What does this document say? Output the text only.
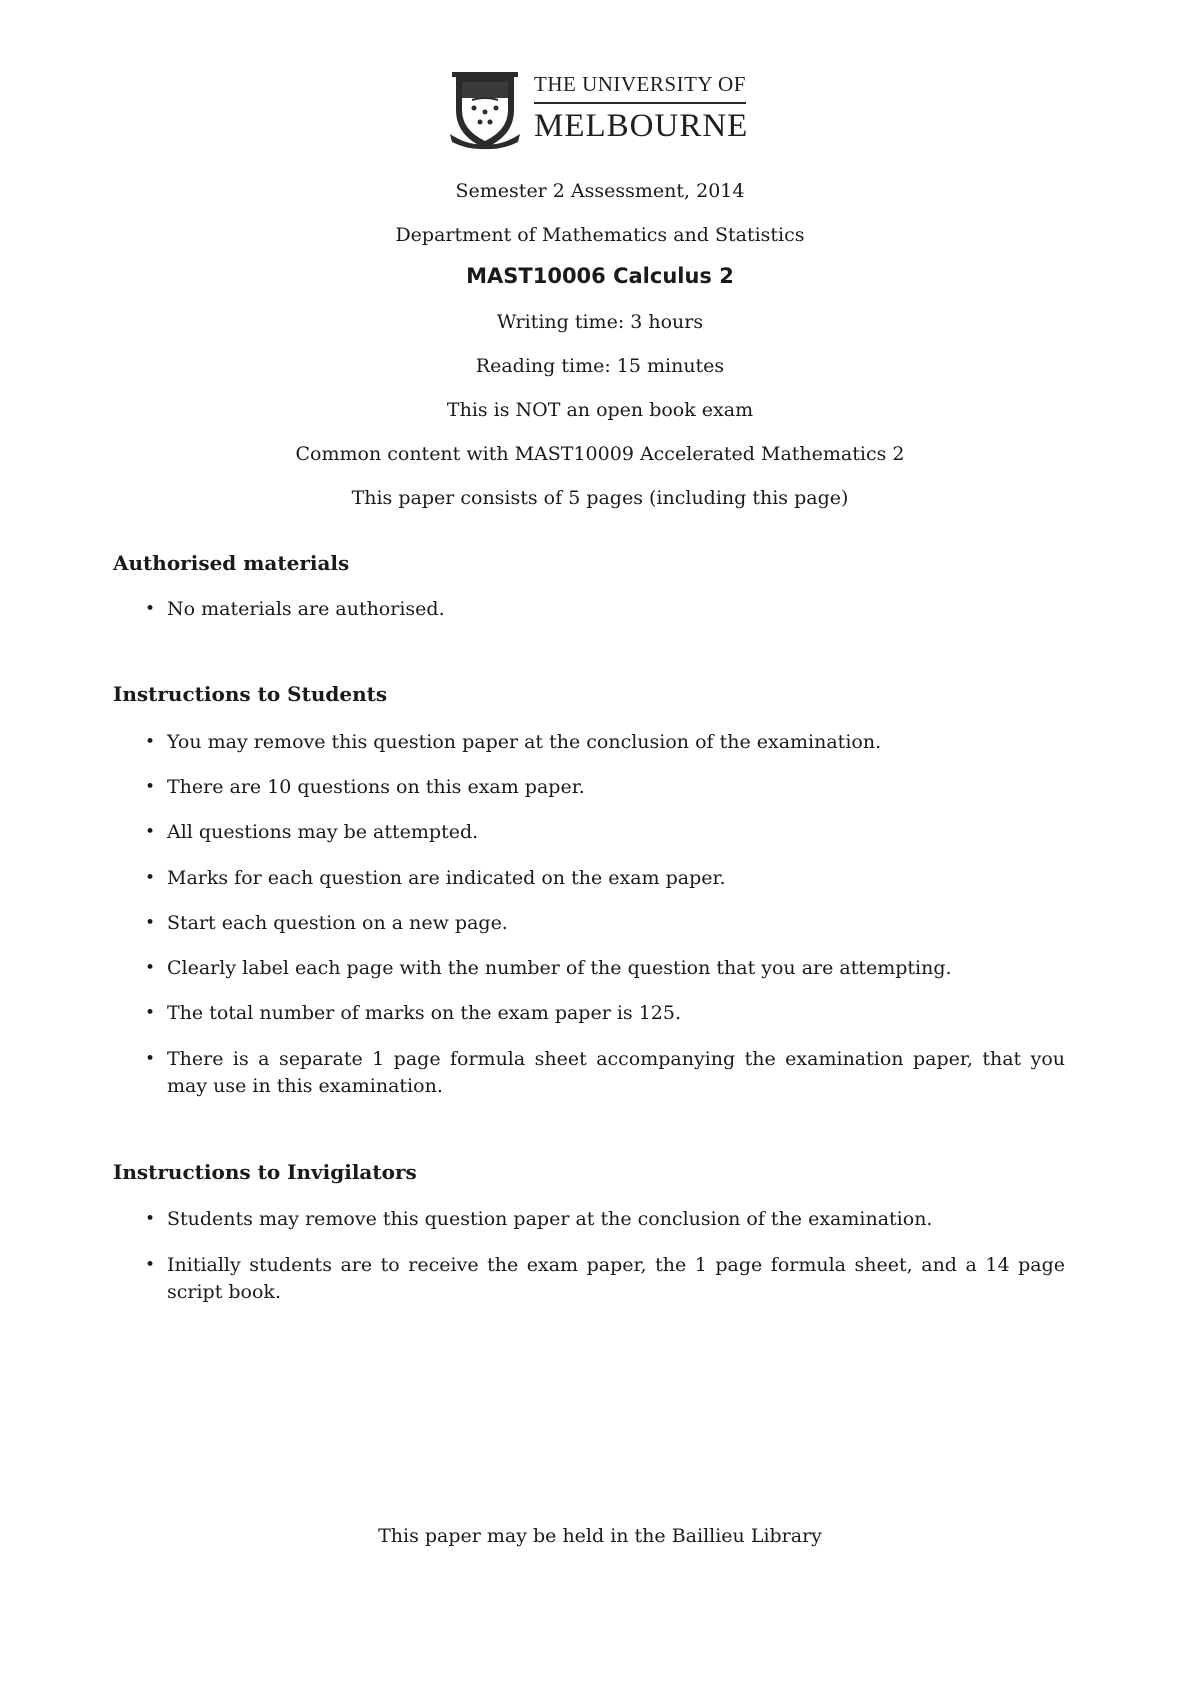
THE UNIVERSITY OF
MELBOURNE
Semester 2 Assessment, 2014
Department of Mathematics and Statistics
MAST10006 Calculus 2
Writing time: 3 hours
Reading time: 15 minutes
This is NOT an open book exam
Common content with MAST10009 Accelerated Mathematics 2
This paper consists of 5 pages (including this page)
Authorised materials
• No materials are authorised.
Instructions to Students
• You may remove this question paper at the conclusion of the examination.
• There are 10 questions on this exam paper.
• All questions may be attempted.
• Marks for each question are indicated on the exam paper.
• Start each question on a new page.
• Clearly label each page with the number of the question that you are attempting.
• The total number of marks on the exam paper is 125.
• There is a separate 1 page formula sheet accompanying the examination paper, that you may use in this examination.
Instructions to Invigilators
• Students may remove this question paper at the conclusion of the examination.
• Initially students are to receive the exam paper, the 1 page formula sheet, and a 14 page script book.
This paper may be held in the Baillieu Library
